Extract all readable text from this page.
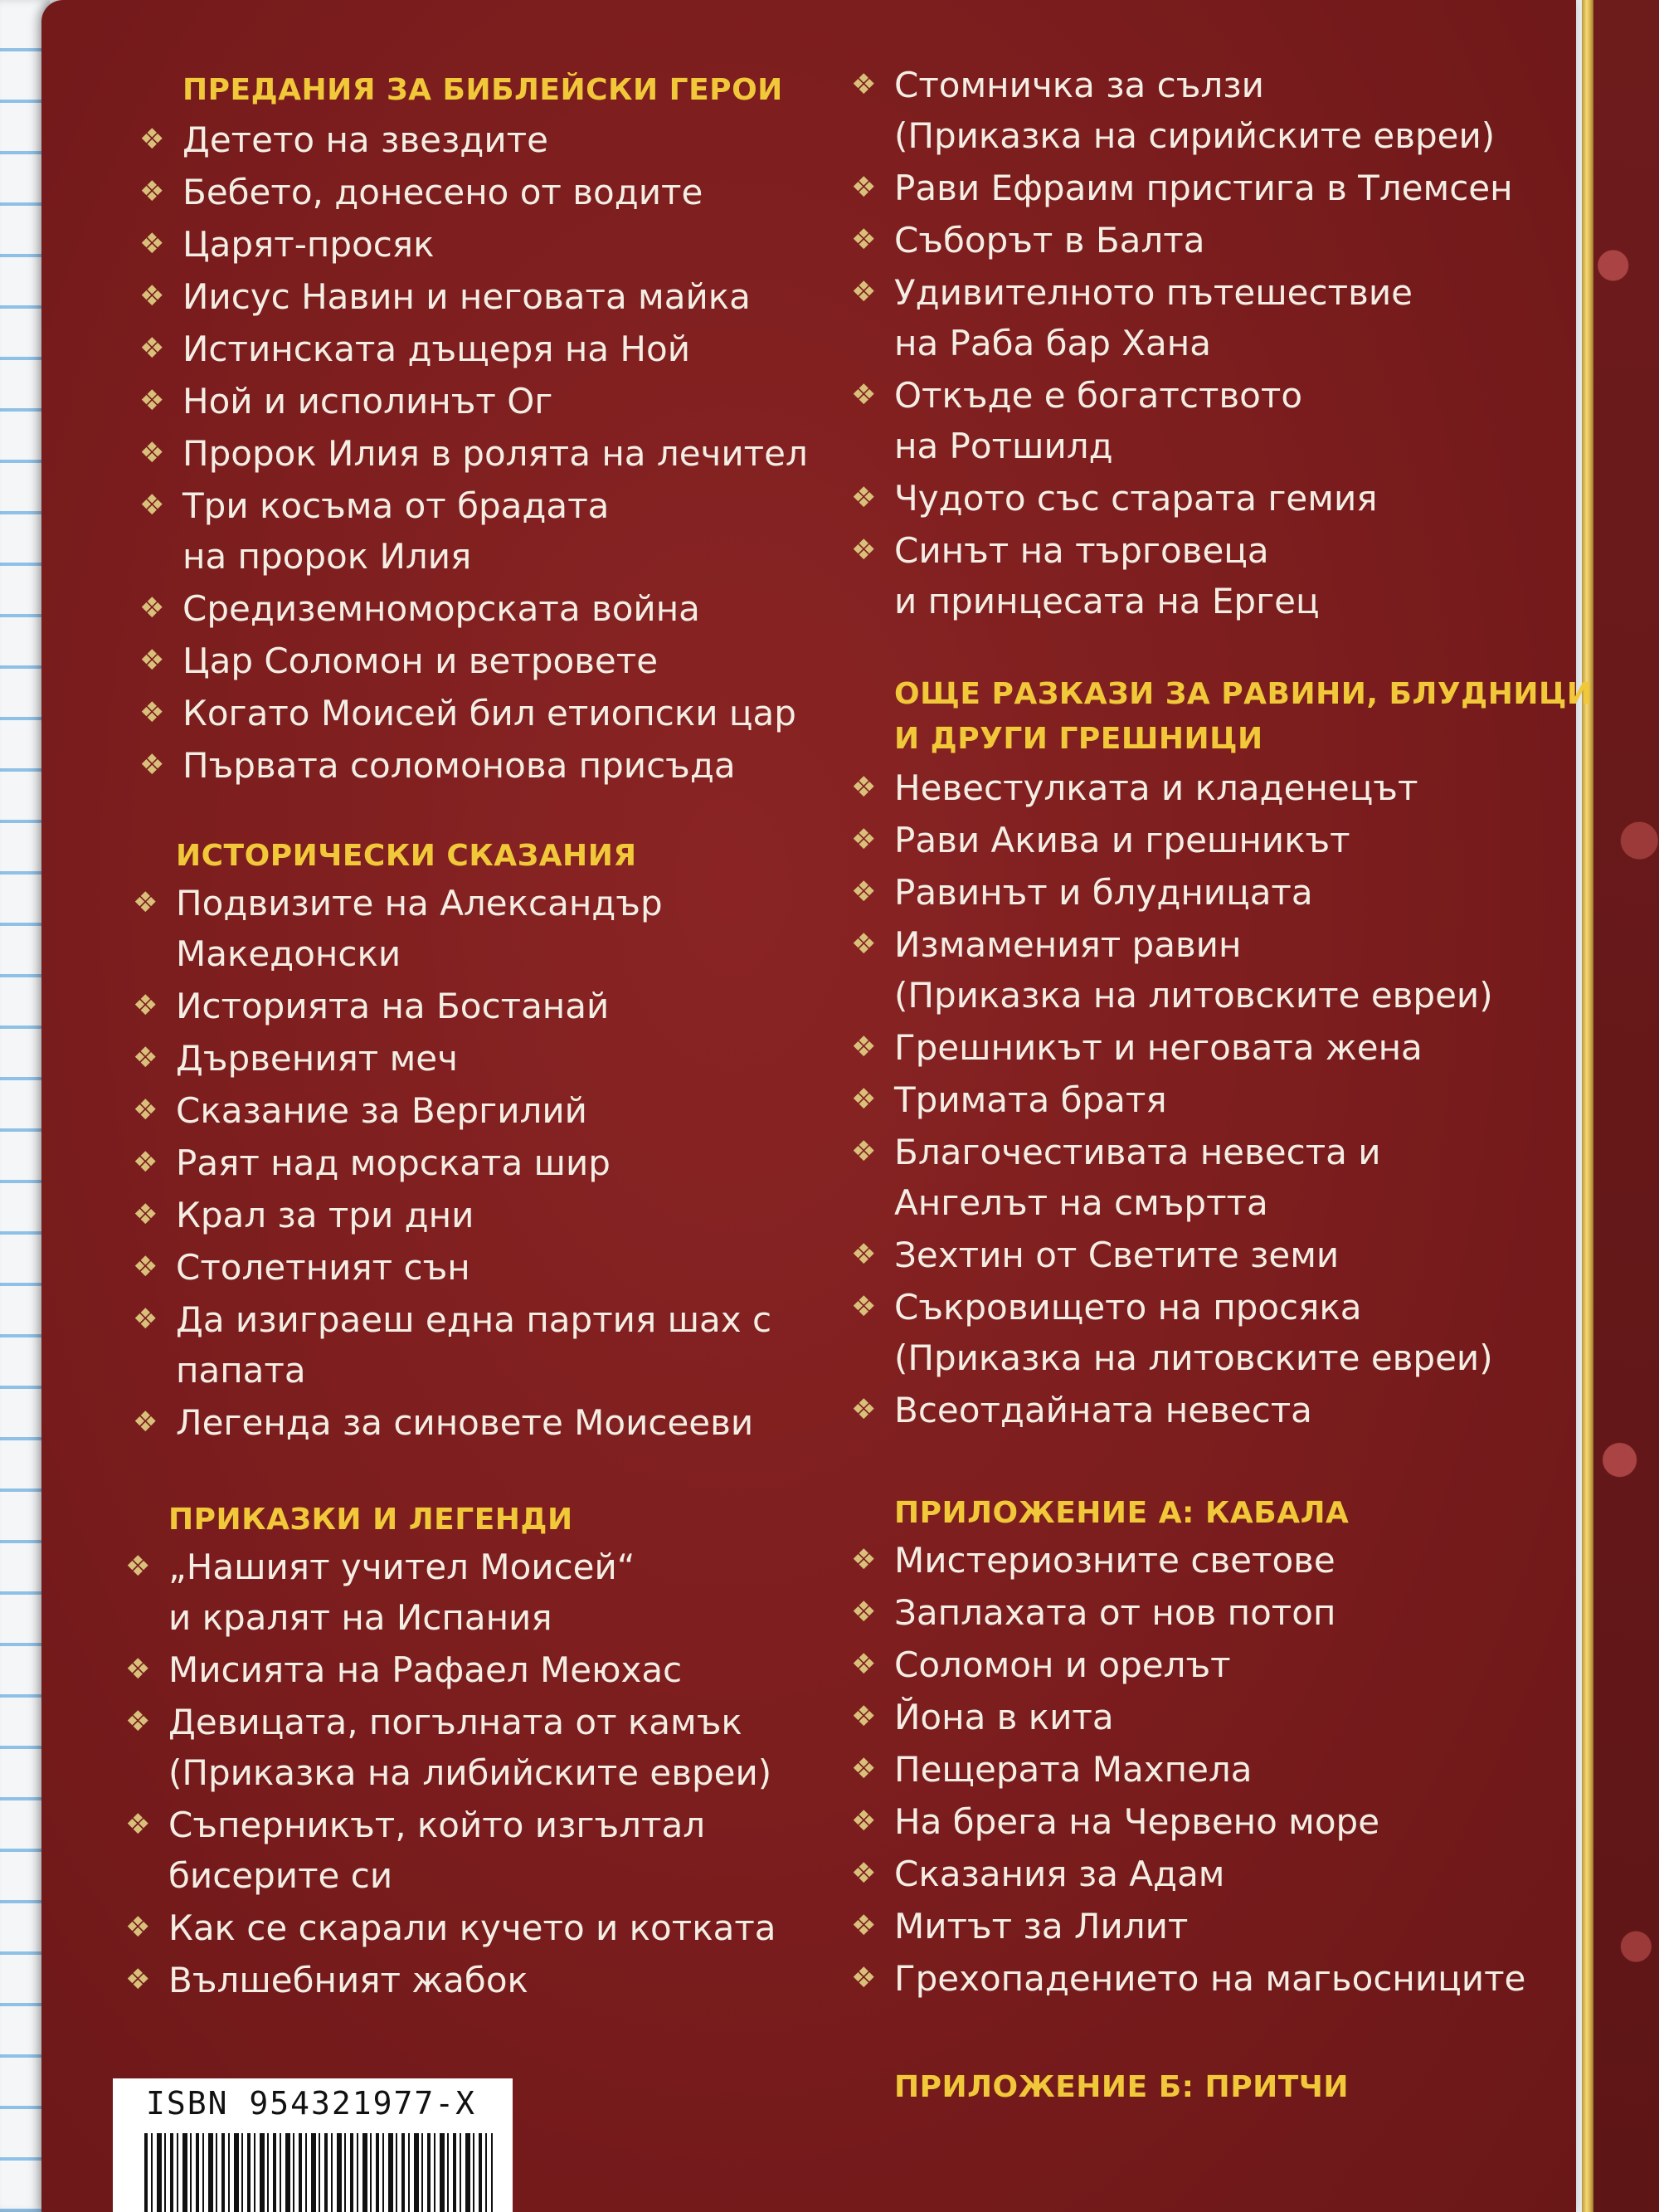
ПРЕДАНИЯ ЗА БИБЛЕЙСКИ ГЕРОИ
❖ Детето на звездите
❖ Бебето, донесено от водите
❖ Царят-просяк
❖ Иисус Навин и неговата майка
❖ Истинската дъщеря на Ной
❖ Ной и исполинът Ог
❖ Пророк Илия в ролята на лечител
❖ Три косъма от брадата
на пророк Илия
❖ Средиземноморската война
❖ Цар Соломон и ветровете
❖ Когато Моисей бил етиопски цар
❖ Първата соломонова присъда
ИСТОРИЧЕСКИ СКАЗАНИЯ
❖ Подвизите на Александър
Македонски
❖ Историята на Бостанай
❖ Дървеният меч
❖ Сказание за Вергилий
❖ Раят над морската шир
❖ Крал за три дни
❖ Столетният сън
❖ Да изиграеш една партия шах с
папата
❖ Легенда за синовете Моисееви
ПРИКАЗКИ И ЛЕГЕНДИ
❖ „Нашият учител Моисей“
и кралят на Испания
❖ Мисията на Рафаел Меюхас
❖ Девицата, погълната от камък
(Приказка на либийските евреи)
❖ Съперникът, който изгълтал
бисерите си
❖ Как се скарали кучето и котката
❖ Вълшебният жабок
❖ Стомничка за сълзи
(Приказка на сирийските евреи)
❖ Рави Ефраим пристига в Тлемсен
❖ Съборът в Балта
❖ Удивителното пътешествие
на Раба бар Хана
❖ Откъде е богатството
на Ротшилд
❖ Чудото със старата гемия
❖ Синът на търговеца
и принцесата на Ергец
ОЩЕ РАЗКАЗИ ЗА РАВИНИ, БЛУДНИЦИ
И ДРУГИ ГРЕШНИЦИ
❖ Невестулката и кладенецът
❖ Рави Акива и грешникът
❖ Равинът и блудницата
❖ Измаменият равин
(Приказка на литовските евреи)
❖ Грешникът и неговата жена
❖ Тримата братя
❖ Благочестивата невеста и
Ангелът на смъртта
❖ Зехтин от Светите земи
❖ Съкровището на просяка
(Приказка на литовските евреи)
❖ Всеотдайната невеста
ПРИЛОЖЕНИЕ А: КАБАЛА
❖ Мистериозните светове
❖ Заплахата от нов потоп
❖ Соломон и орелът
❖ Йона в кита
❖ Пещерата Махпела
❖ На брега на Червено море
❖ Сказания за Адам
❖ Митът за Лилит
❖ Грехопадението на магьосниците
ПРИЛОЖЕНИЕ Б: ПРИТЧИ
ISBN 954321977-X
